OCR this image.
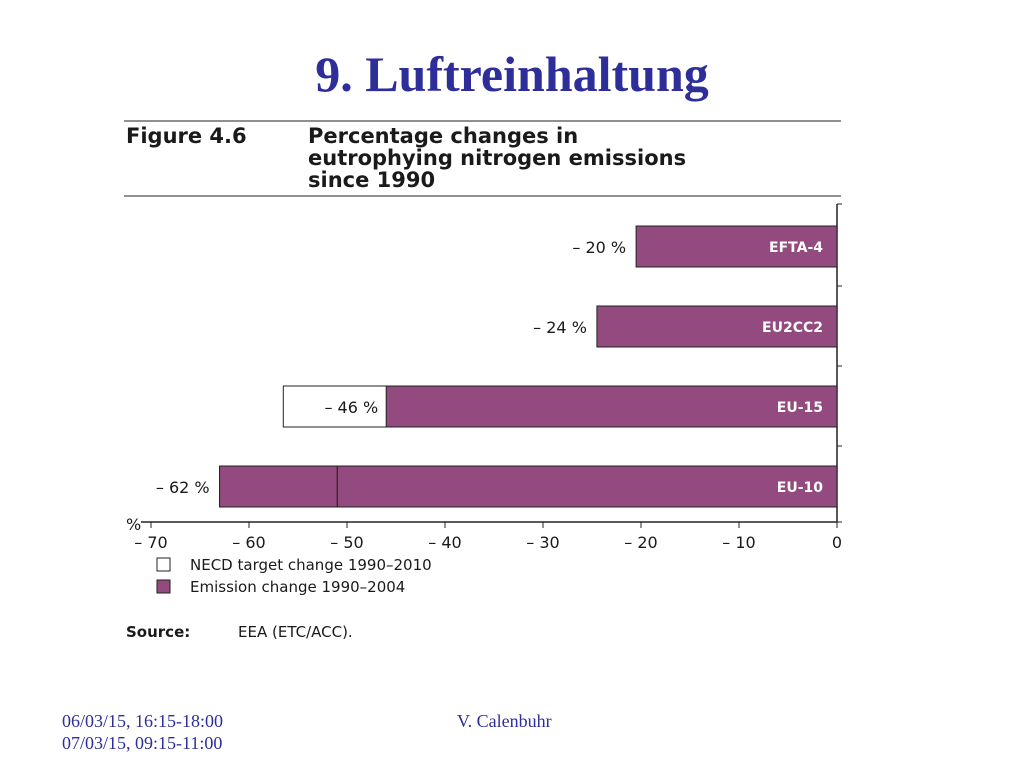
9. Luftreinhaltung
Figure 4.6	Percentage changes in
eutrophying nitrogen emissions
since 1990
– 70	– 60	– 50	– 40	– 30	– 20	– 10	0
EFTA-4
– 20 %
EU2CC2
– 24 %
EU-15
– 46 %
EU-10
– 62 %
%
NECD target change 1990–2010
Emission change 1990–2004
Source:	EEA (ETC/ACC).
06/03/15, 16:15-18:00
07/03/15, 09:15-11:00
V. Calenbuhr
